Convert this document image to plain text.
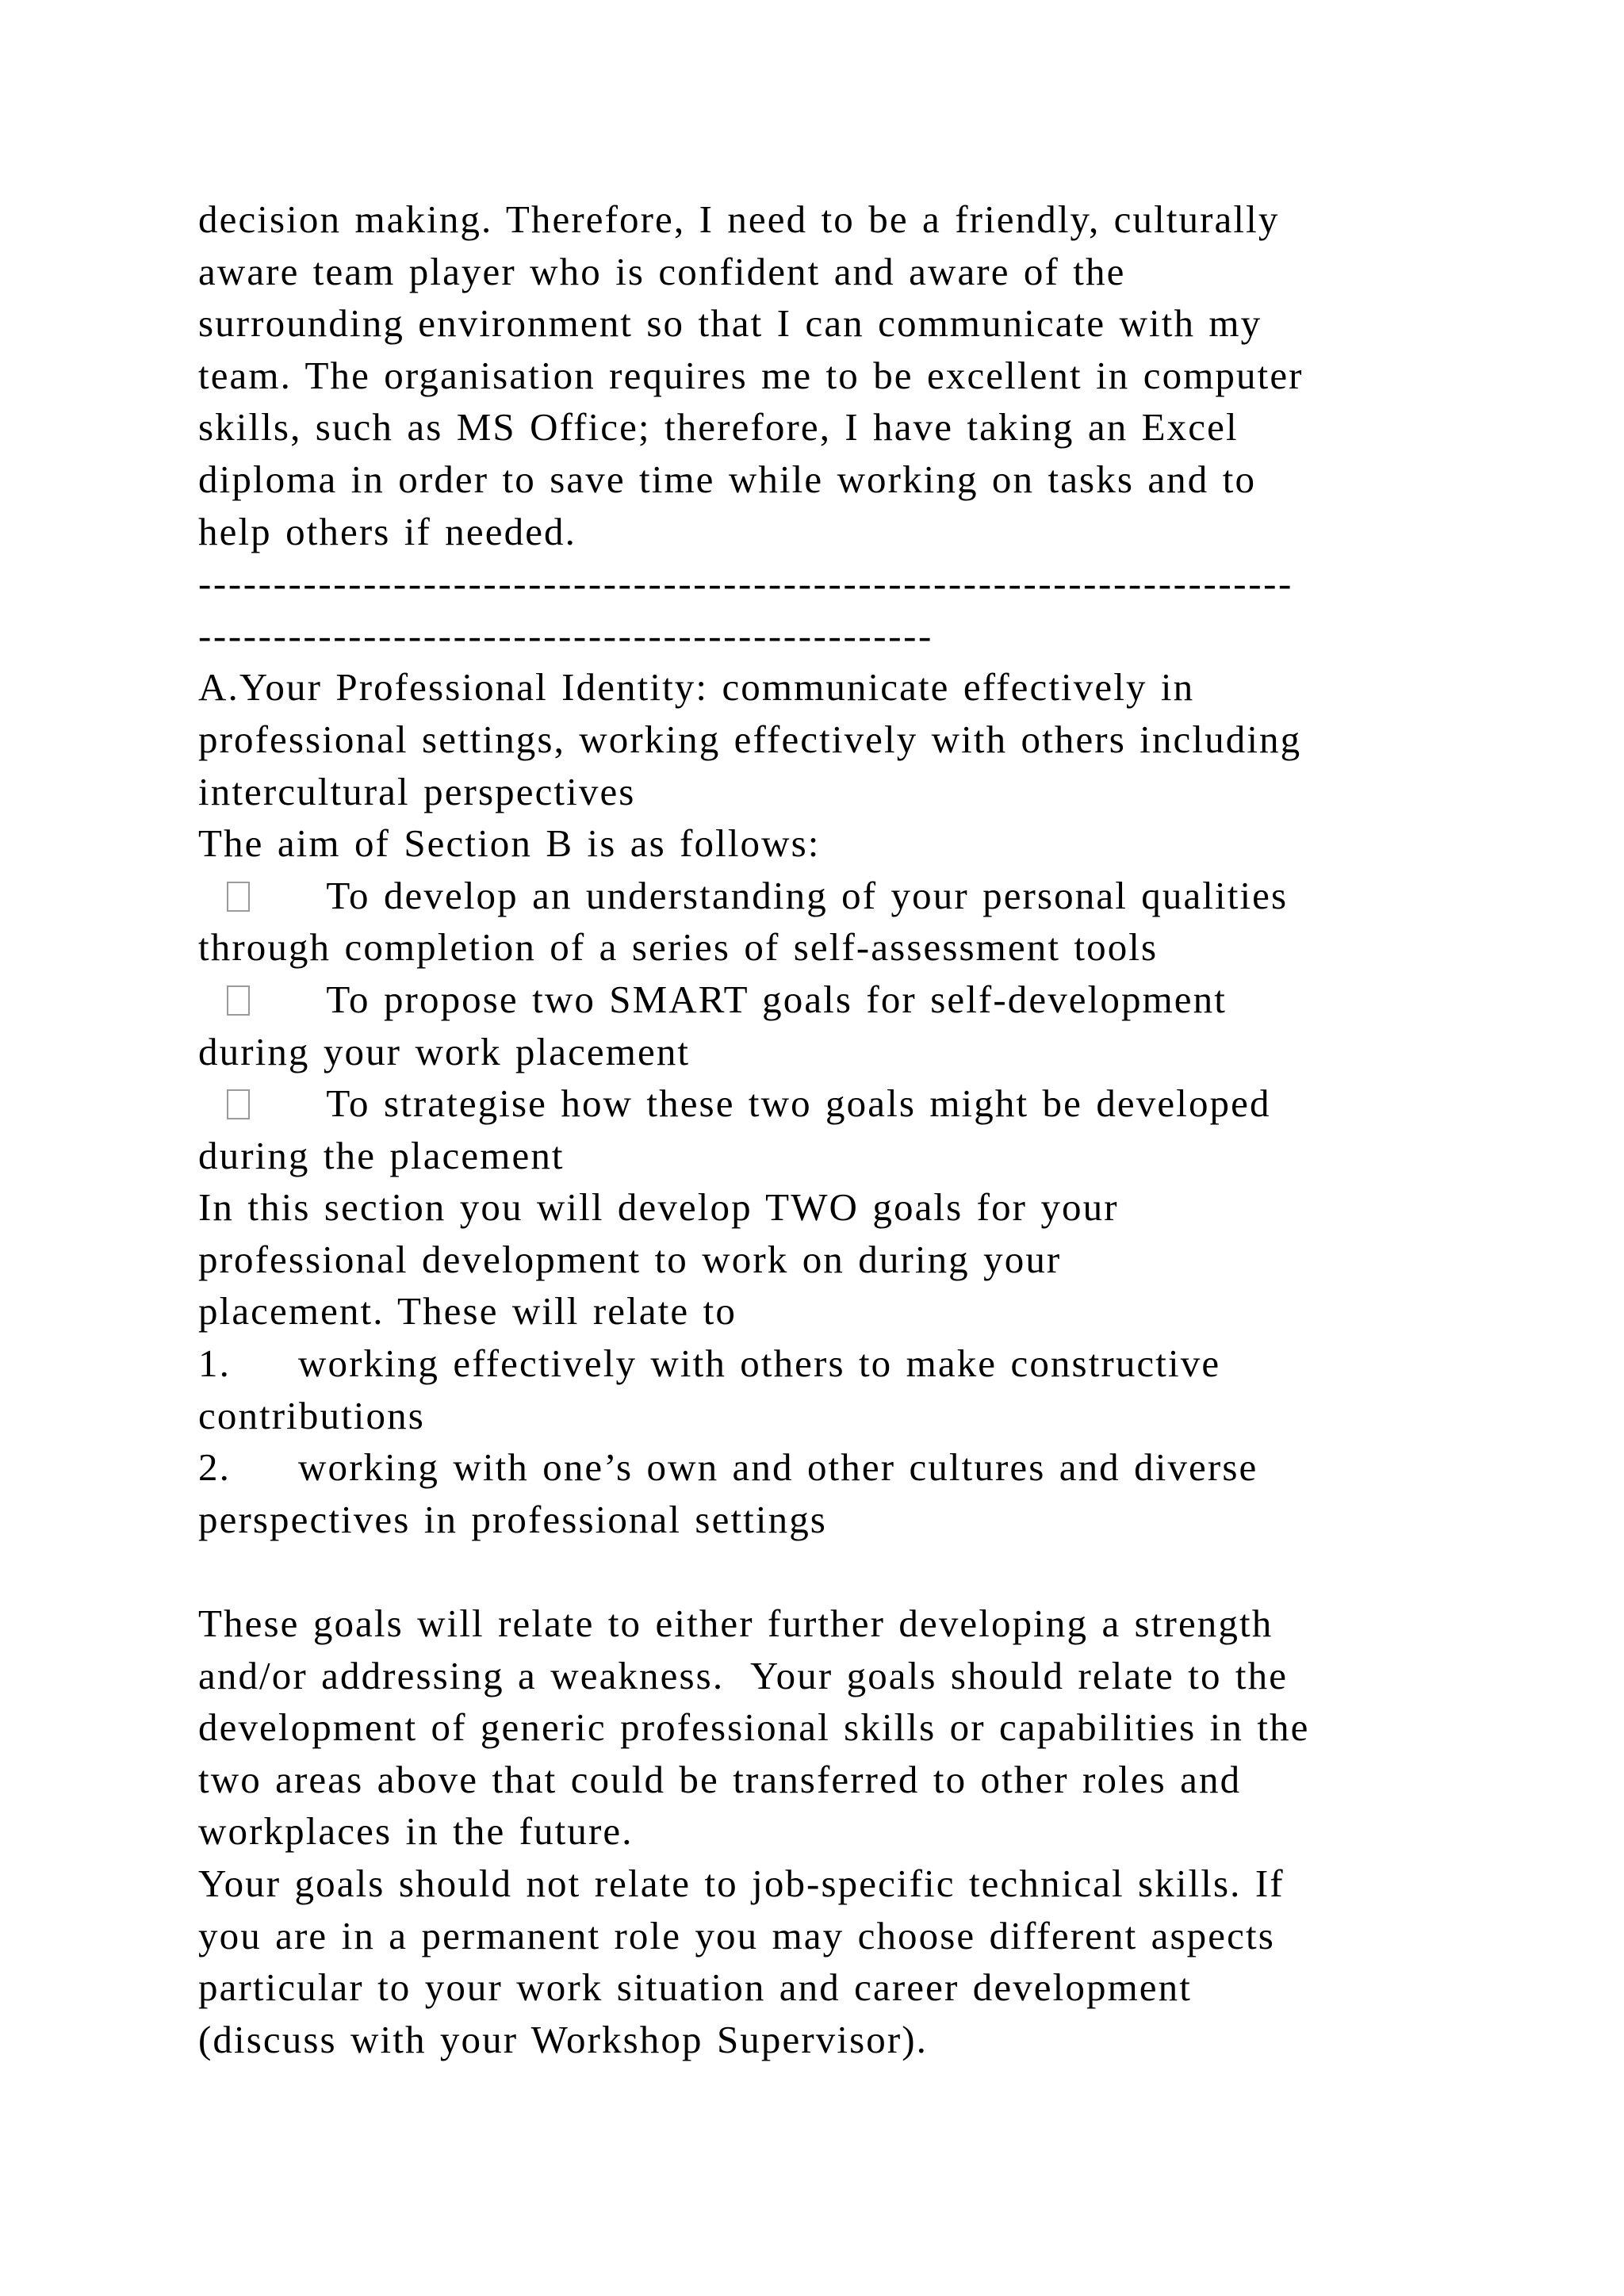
decision making. Therefore, I need to be a friendly, culturally
aware team player who is confident and aware of the
surrounding environment so that I can communicate with my
team. The organisation requires me to be excellent in computer
skills, such as MS Office; therefore, I have taking an Excel
diploma in order to save time while working on tasks and to
help others if needed.
-------------------------------------------------------------------------
-------------------------------------------------
A.Your Professional Identity: communicate effectively in
professional settings, working effectively with others including
intercultural perspectives
The aim of Section B is as follows:
To develop an understanding of your personal qualities
through completion of a series of self-assessment tools
To propose two SMART goals for self-development
during your work placement
To strategise how these two goals might be developed
during the placement
In this section you will develop TWO goals for your
professional development to work on during your
placement. These will relate to
1.	working effectively with others to make constructive
contributions
2.	working with one’s own and other cultures and diverse
perspectives in professional settings
These goals will relate to either further developing a strength
and/or addressing a weakness.  Your goals should relate to the
development of generic professional skills or capabilities in the
two areas above that could be transferred to other roles and
workplaces in the future.
Your goals should not relate to job-specific technical skills. If
you are in a permanent role you may choose different aspects
particular to your work situation and career development
(discuss with your Workshop Supervisor).
